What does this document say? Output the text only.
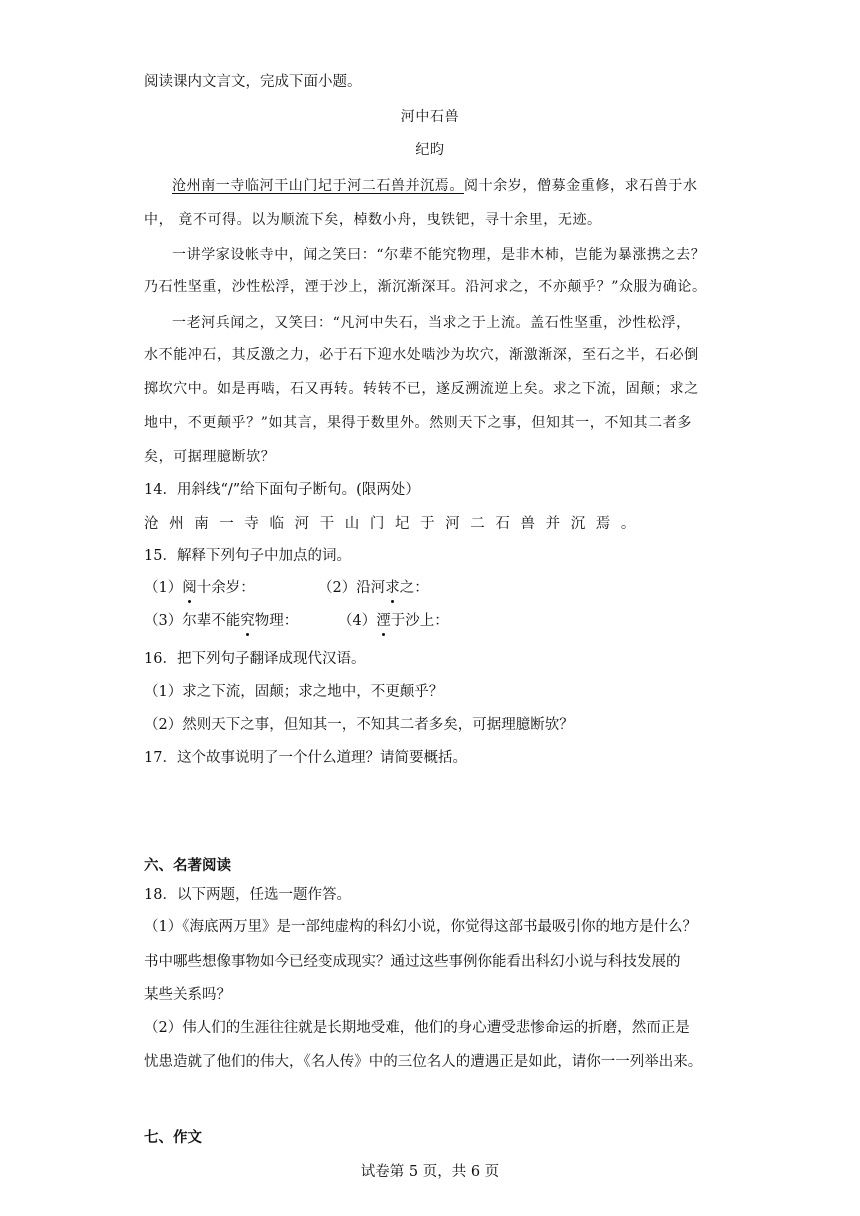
阅读课内文言文，完成下面小题。
河中石兽
纪昀
沧州南一寺临河干山门圮于河二石兽并沉焉。阅十余岁，僧募金重修，求石兽于水
中， 竟不可得。以为顺流下矣，棹数小舟，曳铁钯，寻十余里，无迹。
一讲学家设帐寺中，闻之笑曰：“尔辈不能究物理，是非木杮，岂能为暴涨携之去？
乃石性坚重，沙性松浮，湮于沙上，渐沉渐深耳。沿河求之，不亦颠乎？”众服为确论。
一老河兵闻之，又笑曰：“凡河中失石，当求之于上流。盖石性坚重，沙性松浮，
水不能冲石，其反激之力，必于石下迎水处啮沙为坎穴，渐激渐深，至石之半，石必倒
掷坎穴中。如是再啮，石又再转。转转不已，遂反溯流逆上矣。求之下流，固颠；求之
地中，不更颠乎？”如其言，果得于数里外。然则天下之事，但知其一，不知其二者多
矣，可据理臆断欤？
14．用斜线“/”给下面句子断句。(限两处）
沧州南一寺临河干山门圮于河二石兽并沉焉。
15．解释下列句子中加点的词。
（1）阅十余岁：	（2）沿河求之：
（3）尔辈不能究物理：	（4）湮于沙上：
16．把下列句子翻译成现代汉语。
（1）求之下流，固颠；求之地中，不更颠乎？
（2）然则天下之事，但知其一，不知其二者多矣，可据理臆断欤？
17．这个故事说明了一个什么道理？请简要概括。
六、名著阅读
18．以下两题，任选一题作答。
（1）《海底两万里》是一部纯虚构的科幻小说，你觉得这部书最吸引你的地方是什么？
书中哪些想像事物如今已经变成现实？通过这些事例你能看出科幻小说与科技发展的
某些关系吗？
（2）伟人们的生涯往往就是长期地受难，他们的身心遭受悲惨命运的折磨，然而正是
忧患造就了他们的伟大，《名人传》中的三位名人的遭遇正是如此，请你一一列举出来。
七、作文
试卷第 5 页，共 6 页
